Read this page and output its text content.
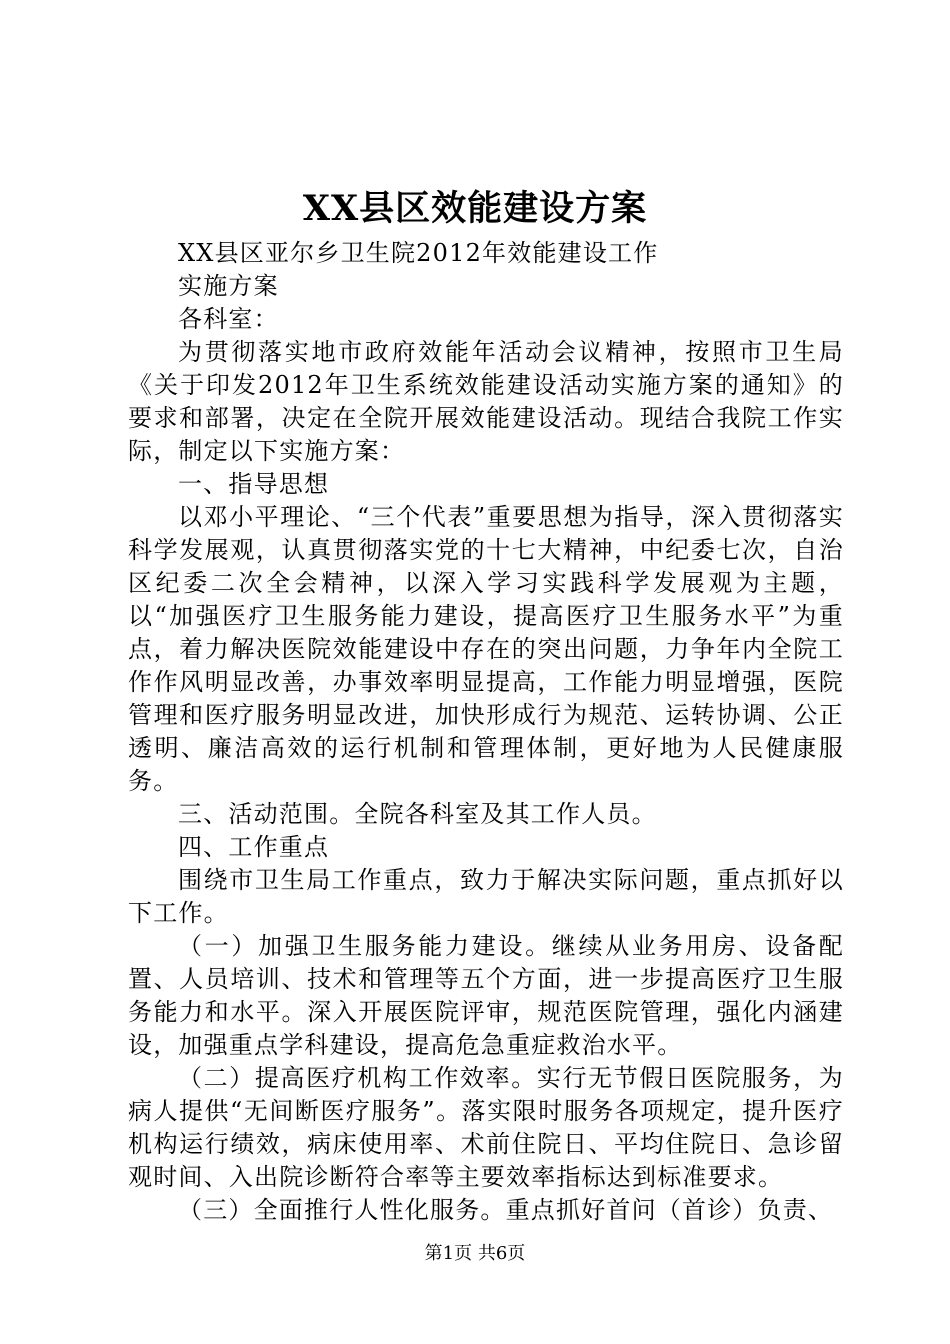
XX县区效能建设方案

XX县区亚尔乡卫生院2012年效能建设工作

实施方案

各科室：

为贯彻落实地市政府效能年活动会议精神，按照市卫生局《关于印发2012年卫生系统效能建设活动实施方案的通知》的要求和部署，决定在全院开展效能建设活动。现结合我院工作实际，制定以下实施方案：

一、指导思想

以邓小平理论、“三个代表”重要思想为指导，深入贯彻落实科学发展观，认真贯彻落实党的十七大精神，中纪委七次，自治区纪委二次全会精神，以深入学习实践科学发展观为主题，以“加强医疗卫生服务能力建设，提高医疗卫生服务水平”为重点，着力解决医院效能建设中存在的突出问题，力争年内全院工作作风明显改善，办事效率明显提高，工作能力明显增强，医院管理和医疗服务明显改进，加快形成行为规范、运转协调、公正透明、廉洁高效的运行机制和管理体制，更好地为人民健康服务。

三、活动范围。全院各科室及其工作人员。

四、工作重点

围绕市卫生局工作重点，致力于解决实际问题，重点抓好以下工作。

（一）加强卫生服务能力建设。继续从业务用房、设备配置、人员培训、技术和管理等五个方面，进一步提高医疗卫生服务能力和水平。深入开展医院评审，规范医院管理，强化内涵建设，加强重点学科建设，提高危急重症救治水平。

（二）提高医疗机构工作效率。实行无节假日医院服务，为病人提供“无间断医疗服务”。落实限时服务各项规定，提升医疗机构运行绩效，病床使用率、术前住院日、平均住院日、急诊留观时间、入出院诊断符合率等主要效率指标达到标准要求。

（三）全面推行人性化服务。重点抓好首问（首诊）负责、

第1页 共6页
